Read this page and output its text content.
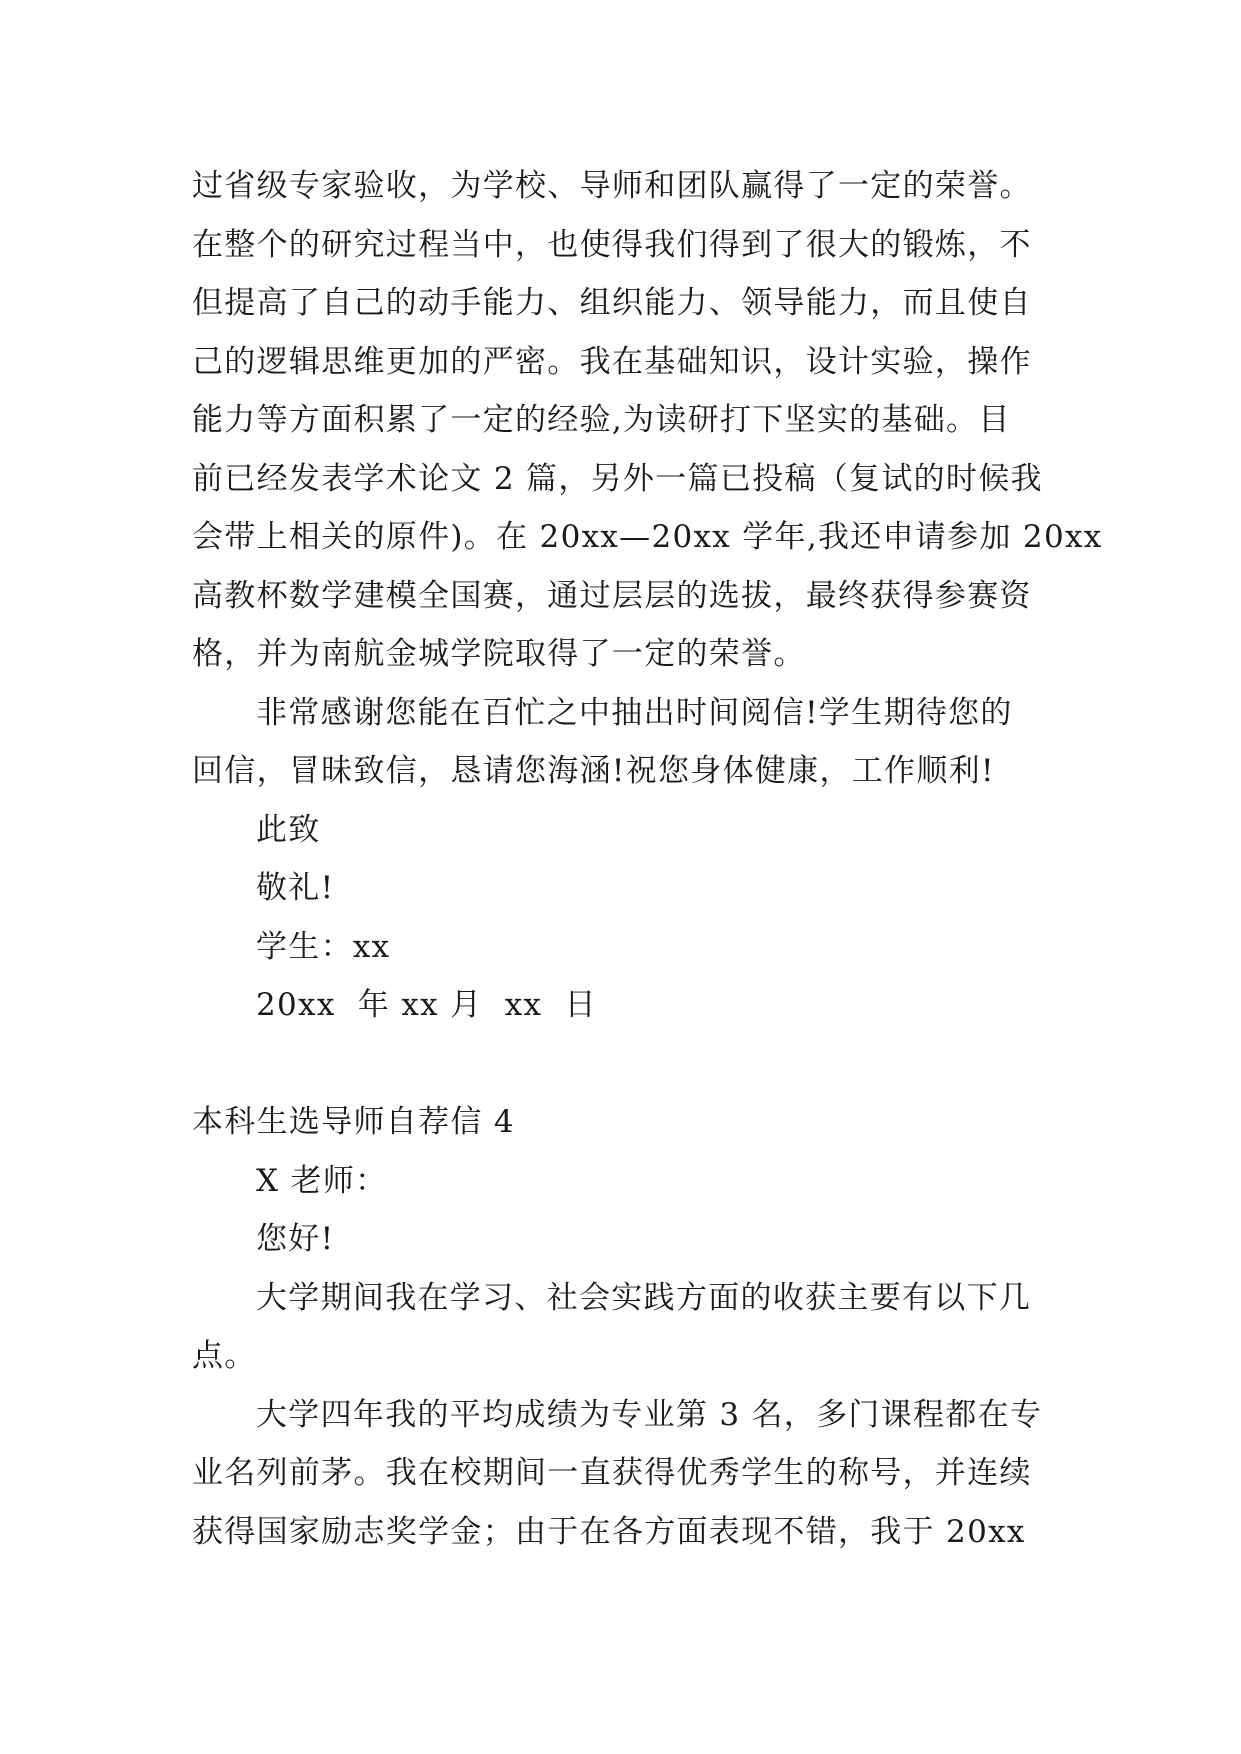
过省级专家验收，为学校、导师和团队赢得了一定的荣誉。
在整个的研究过程当中，也使得我们得到了很大的锻炼，不
但提高了自己的动手能力、组织能力、领导能力，而且使自
己的逻辑思维更加的严密。我在基础知识，设计实验，操作
能力等方面积累了一定的经验,为读研打下坚实的基础。目
前已经发表学术论文 2 篇，另外一篇已投稿（复试的时候我
会带上相关的原件)。在 20xx—20xx 学年,我还申请参加 20xx
高教杯数学建模全国赛，通过层层的选拔，最终获得参赛资
格，并为南航金城学院取得了一定的荣誉。
非常感谢您能在百忙之中抽出时间阅信!学生期待您的
回信，冒昧致信，恳请您海涵!祝您身体健康，工作顺利!
此致
敬礼!
学生：xx
20xx  年 xx 月  xx  日
本科生选导师自荐信 4
X 老师：
您好!
大学期间我在学习、社会实践方面的收获主要有以下几
点。
大学四年我的平均成绩为专业第 3 名，多门课程都在专
业名列前茅。我在校期间一直获得优秀学生的称号，并连续
获得国家励志奖学金；由于在各方面表现不错，我于 20xx
